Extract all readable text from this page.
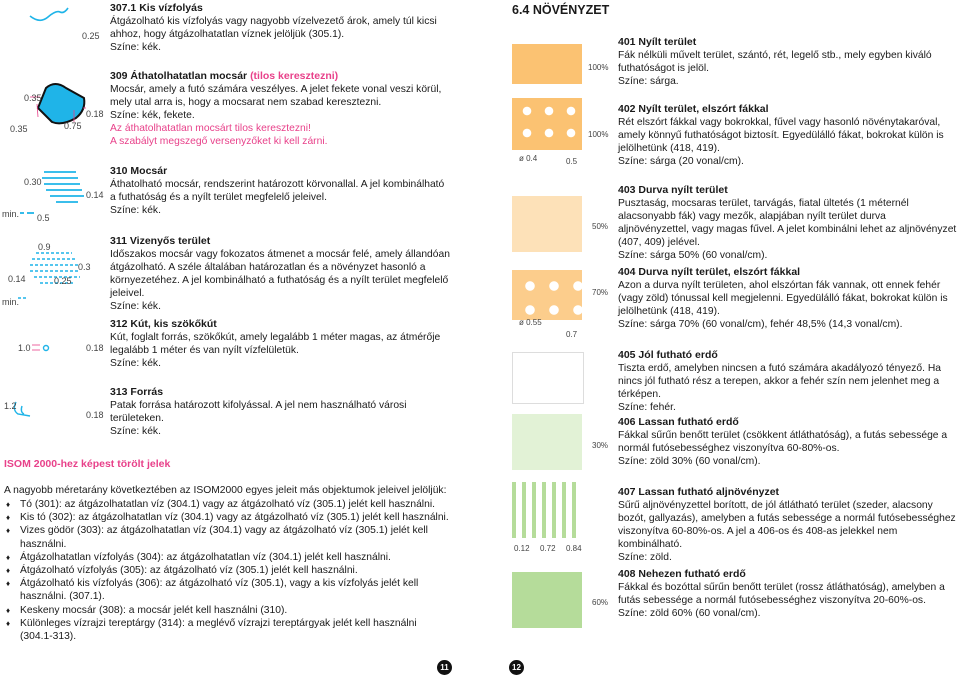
0.25
0.35
0.18
0.35	0.75
0.30
0.14
min. 0.5
0.9
0.3
0.14	0.25
min.
1.0	0.18
1.2
0.18
307.1 Kis vízfolyás
Átgázolható kis vízfolyás vagy nagyobb vízelvezető árok, amely túl kicsi ahhoz, hogy átgázolhatatlan víznek jelöljük (305.1).
Színe: kék.
309 Áthatolhatatlan mocsár (tilos keresztezni)
Mocsár, amely a futó számára veszélyes. A jelet fekete vonal veszi körül, mely utal arra is, hogy a mocsarat nem szabad keresztezni.
Színe: kék, fekete.
Az áthatolhatatlan mocsárt tilos keresztezni!
A szabályt megszegő versenyzőket ki kell zárni.
310 Mocsár
Áthatolható mocsár, rendszerint határozott körvonallal. A jel kombinálható a futhatóság és a nyílt terület megfelelő jeleivel.
Színe: kék.
311 Vizenyős terület
Időszakos mocsár vagy fokozatos átmenet a mocsár felé, amely állandóan átgázolható. A széle általában határozatlan és a növényzet hasonló a környezetéhez. A jel kombinálható a futhatóság és a nyílt terület megfelelő jeleivel.
Színe: kék.
312 Kút, kis szökőkút
Kút, foglalt forrás, szökőkút, amely legalább 1 méter magas, az átmérője legalább 1 méter és van nyílt vízfelületük.
Színe: kék.
313 Forrás
Patak forrása határozott kifolyással. A jel nem használható városi területeken.
Színe: kék.
ISOM 2000-hez képest törölt jelek
A nagyobb méretarány következtében az ISOM2000 egyes jeleit más objektumok jeleivel jelöljük:
♦ Tó (301): az átgázolhatatlan víz (304.1) vagy az átgázolható víz (305.1) jelét kell használni.
♦ Kis tó (302): az átgázolhatatlan víz (304.1) vagy az átgázolható víz (305.1) jelét kell használni.
♦ Vizes gödör (303): az átgázolhatatlan víz (304.1) vagy az átgázolható víz (305.1) jelét kell használni.
♦ Átgázolhatatlan vízfolyás (304): az átgázolhatatlan víz (304.1) jelét kell használni.
♦ Átgázolható vízfolyás (305): az átgázolható víz (305.1) jelét kell használni.
♦ Átgázolható kis vízfolyás (306): az átgázolható víz (305.1), vagy a kis vízfolyás jelét kell használni. (307.1).
♦ Keskeny mocsár (308): a mocsár jelét kell használni (310).
♦ Különleges vízrajzi tereptárgy (314): a meglévő vízrajzi tereptárgyak jelét kell használni (304.1-313).
11
6.4 NÖVÉNYZET
100%
100%
50%
70%
30%
60%
ø 0.4	0.5
ø 0.55
0.7
0.12 0.72 0.84
401 Nyílt terület
Fák nélküli művelt terület, szántó, rét, legelő stb., mely egyben kiváló futhatóságot is jelöl.
Színe: sárga.
402 Nyílt terület, elszórt fákkal
Rét elszórt fákkal vagy bokrokkal, fűvel vagy hasonló növénytakaróval, amely könnyű futhatóságot biztosít. Egyedülálló fákat, bokrokat külön is jelölhetünk (418, 419).
Színe: sárga (20 vonal/cm).
403 Durva nyílt terület
Pusztaság, mocsaras terület, tarvágás, fiatal ültetés (1 méternél alacsonyabb fák) vagy mezők, alapjában nyílt terület durva aljnövényzettel, vagy magas fűvel. A jelet kombinálni lehet az aljnövényzet (407, 409) jelével.
Színe: sárga 50% (60 vonal/cm).
404 Durva nyílt terület, elszórt fákkal
Azon a durva nyílt területen, ahol elszórtan fák vannak, ott ennek fehér (vagy zöld) tónussal kell megjelenni. Egyedülálló fákat, bokrokat külön is jelölhetünk (418, 419).
Színe: sárga 70% (60 vonal/cm), fehér 48,5% (14,3 vonal/cm).
405 Jól futható erdő
Tiszta erdő, amelyben nincsen a futó számára akadályozó tényező. Ha nincs jól futható rész a terepen, akkor a fehér szín nem jelenhet meg a térképen.
Színe: fehér.
406 Lassan futható erdő
Fákkal sűrűn benőtt terület (csökkent átláthatóság), a futás sebessége a normál futósebességhez viszonyítva 60-80%-os.
Színe: zöld 30% (60 vonal/cm).
407 Lassan futható aljnövényzet
Sűrű aljnövényzettel borított, de jól átlátható terület (szeder, alacsony bozót, gallyazás), amelyben a futás sebessége a normál futósebességhez viszonyítva 60-80%-os. A jel a 406-os és 408-as jelekkel nem kombinálható.
Színe: zöld.
408 Nehezen futható erdő
Fákkal és bozóttal sűrűn benőtt terület (rossz átláthatóság), amelyben a futás sebessége a normál futósebességhez viszonyítva 20-60%-os.
Színe: zöld 60% (60 vonal/cm).
12
